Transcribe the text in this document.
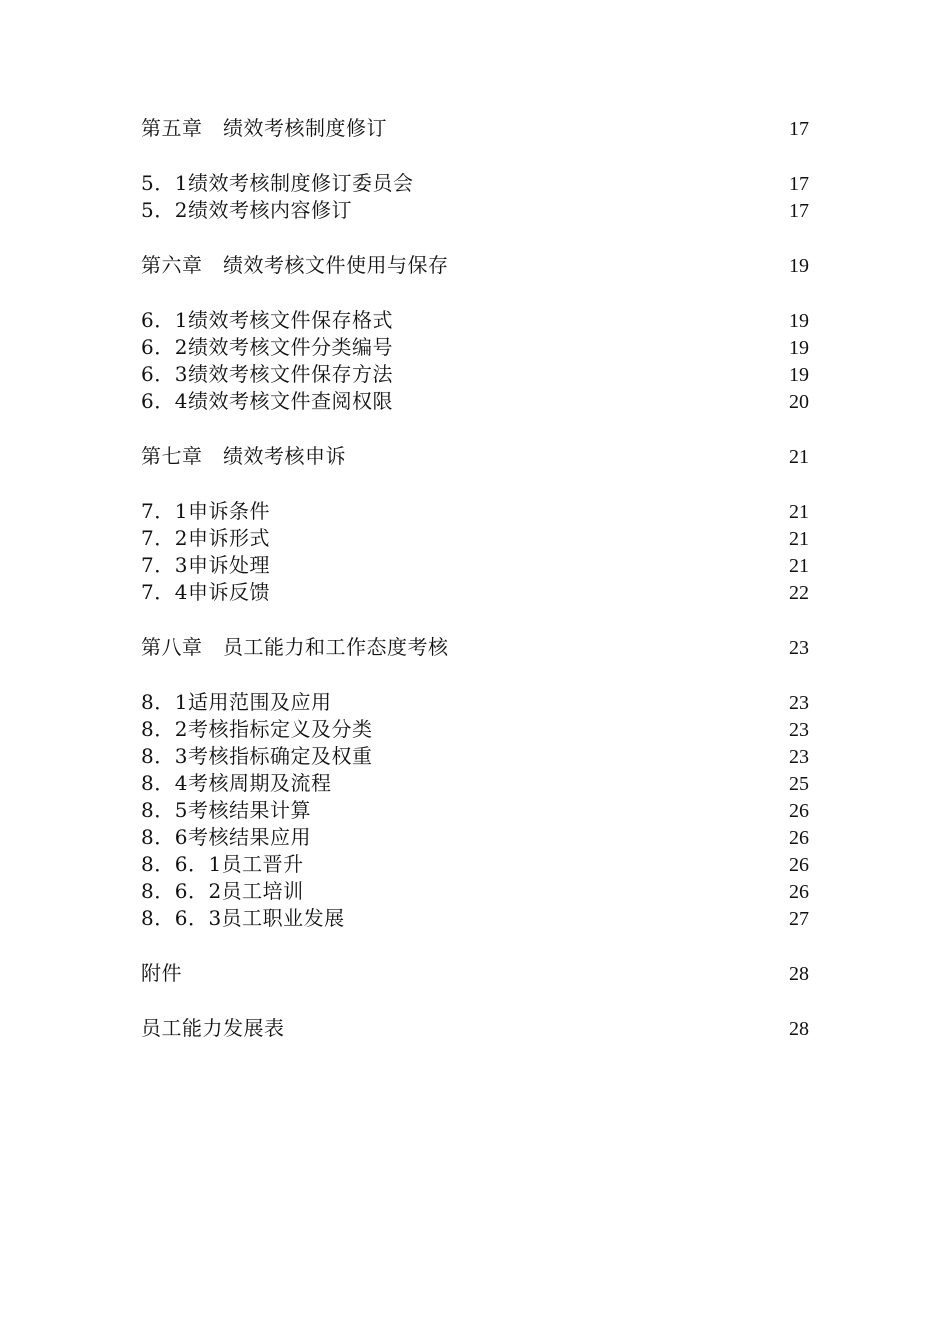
第五章　绩效考核制度修订	17
5．1绩效考核制度修订委员会	17
5．2绩效考核内容修订	17
第六章　绩效考核文件使用与保存	19
6．1绩效考核文件保存格式	19
6．2绩效考核文件分类编号	19
6．3绩效考核文件保存方法	19
6．4绩效考核文件查阅权限	20
第七章　绩效考核申诉	21
7．1申诉条件	21
7．2申诉形式	21
7．3申诉处理	21
7．4申诉反馈	22
第八章　员工能力和工作态度考核	23
8．1适用范围及应用	23
8．2考核指标定义及分类	23
8．3考核指标确定及权重	23
8．4考核周期及流程	25
8．5考核结果计算	26
8．6考核结果应用	26
8．6．1员工晋升	26
8．6．2员工培训	26
8．6．3员工职业发展	27
附件	28
员工能力发展表	28
